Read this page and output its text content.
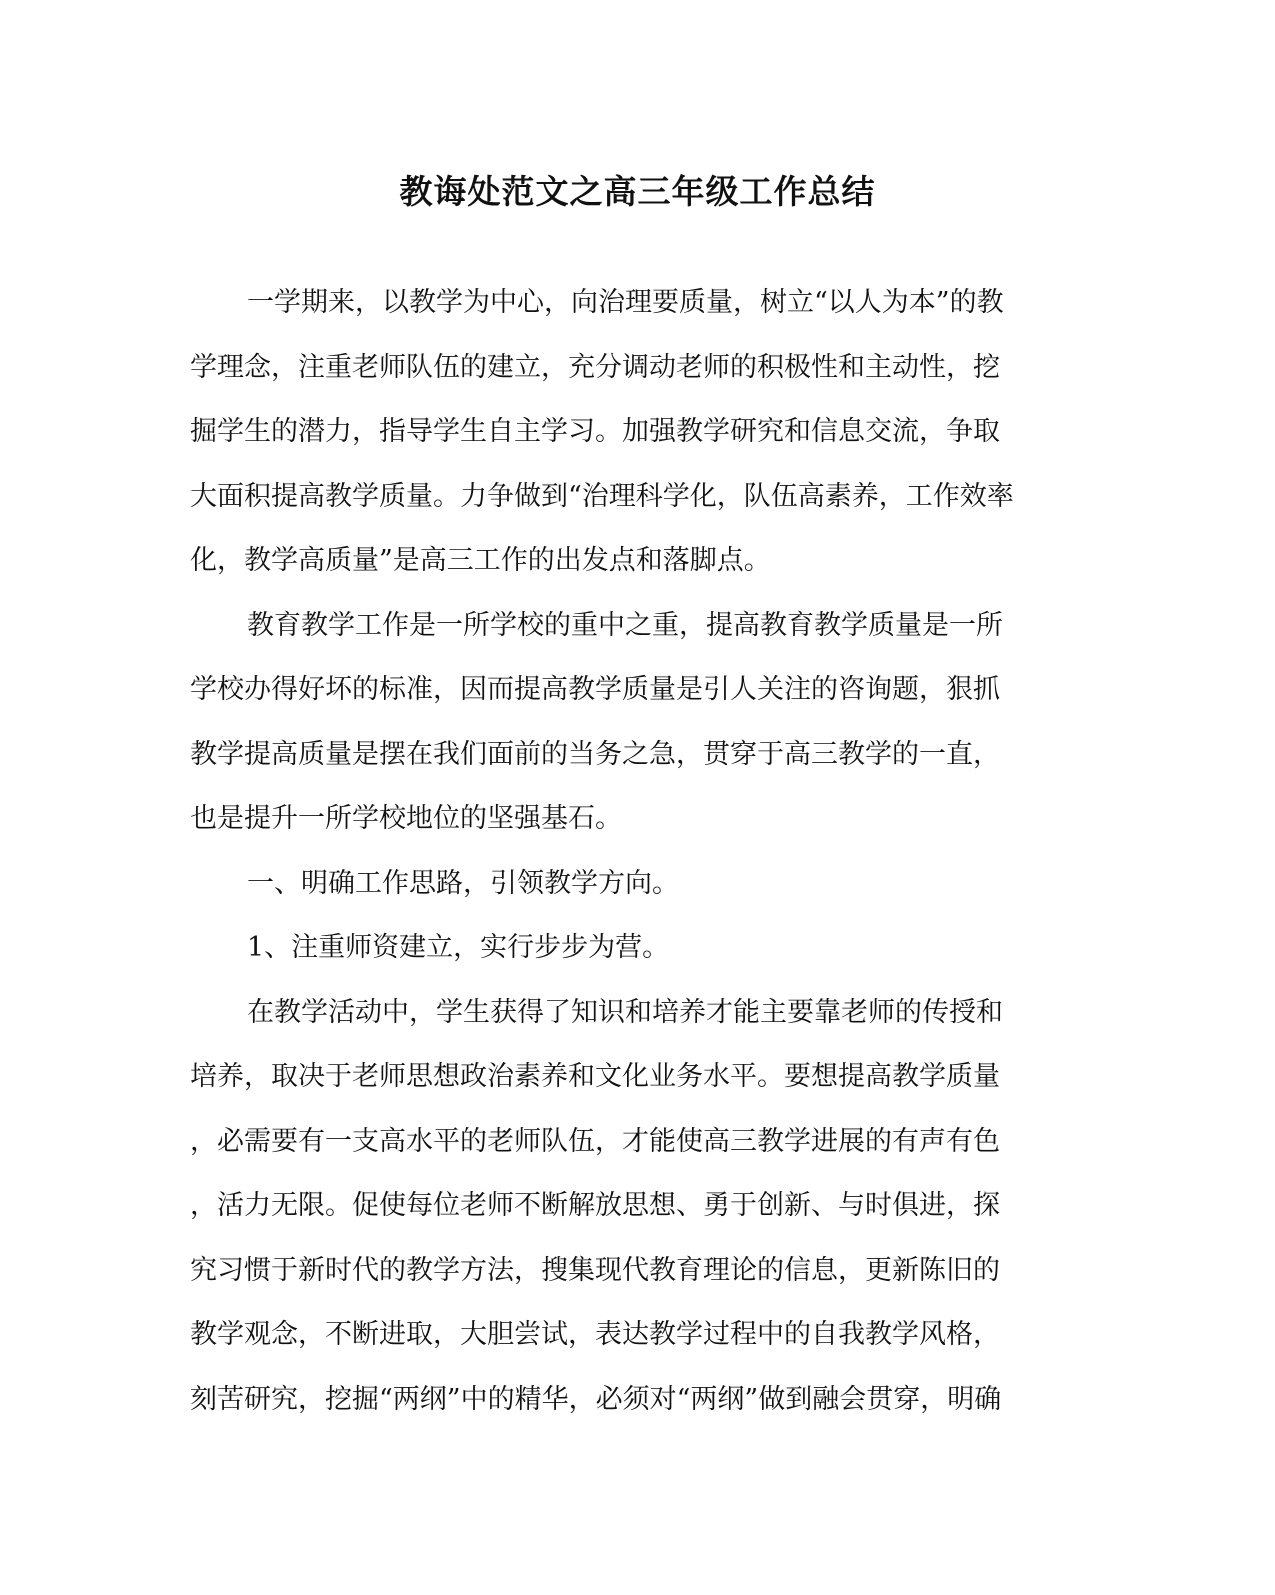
教诲处范文之高三年级工作总结
一学期来，以教学为中心，向治理要质量，树立“以人为本”的教
学理念，注重老师队伍的建立，充分调动老师的积极性和主动性，挖
掘学生的潜力，指导学生自主学习。加强教学研究和信息交流，争取
大面积提高教学质量。力争做到“治理科学化，队伍高素养，工作效率
化，教学高质量”是高三工作的出发点和落脚点。
教育教学工作是一所学校的重中之重，提高教育教学质量是一所
学校办得好坏的标准，因而提高教学质量是引人关注的咨询题，狠抓
教学提高质量是摆在我们面前的当务之急，贯穿于高三教学的一直，
也是提升一所学校地位的坚强基石。
一、明确工作思路，引领教学方向。
1、注重师资建立，实行步步为营。
在教学活动中，学生获得了知识和培养才能主要靠老师的传授和
培养，取决于老师思想政治素养和文化业务水平。要想提高教学质量
，必需要有一支高水平的老师队伍，才能使高三教学进展的有声有色
，活力无限。促使每位老师不断解放思想、勇于创新、与时俱进，探
究习惯于新时代的教学方法，搜集现代教育理论的信息，更新陈旧的
教学观念，不断进取，大胆尝试，表达教学过程中的自我教学风格，
刻苦研究，挖掘“两纲”中的精华，必须对“两纲”做到融会贯穿，明确
